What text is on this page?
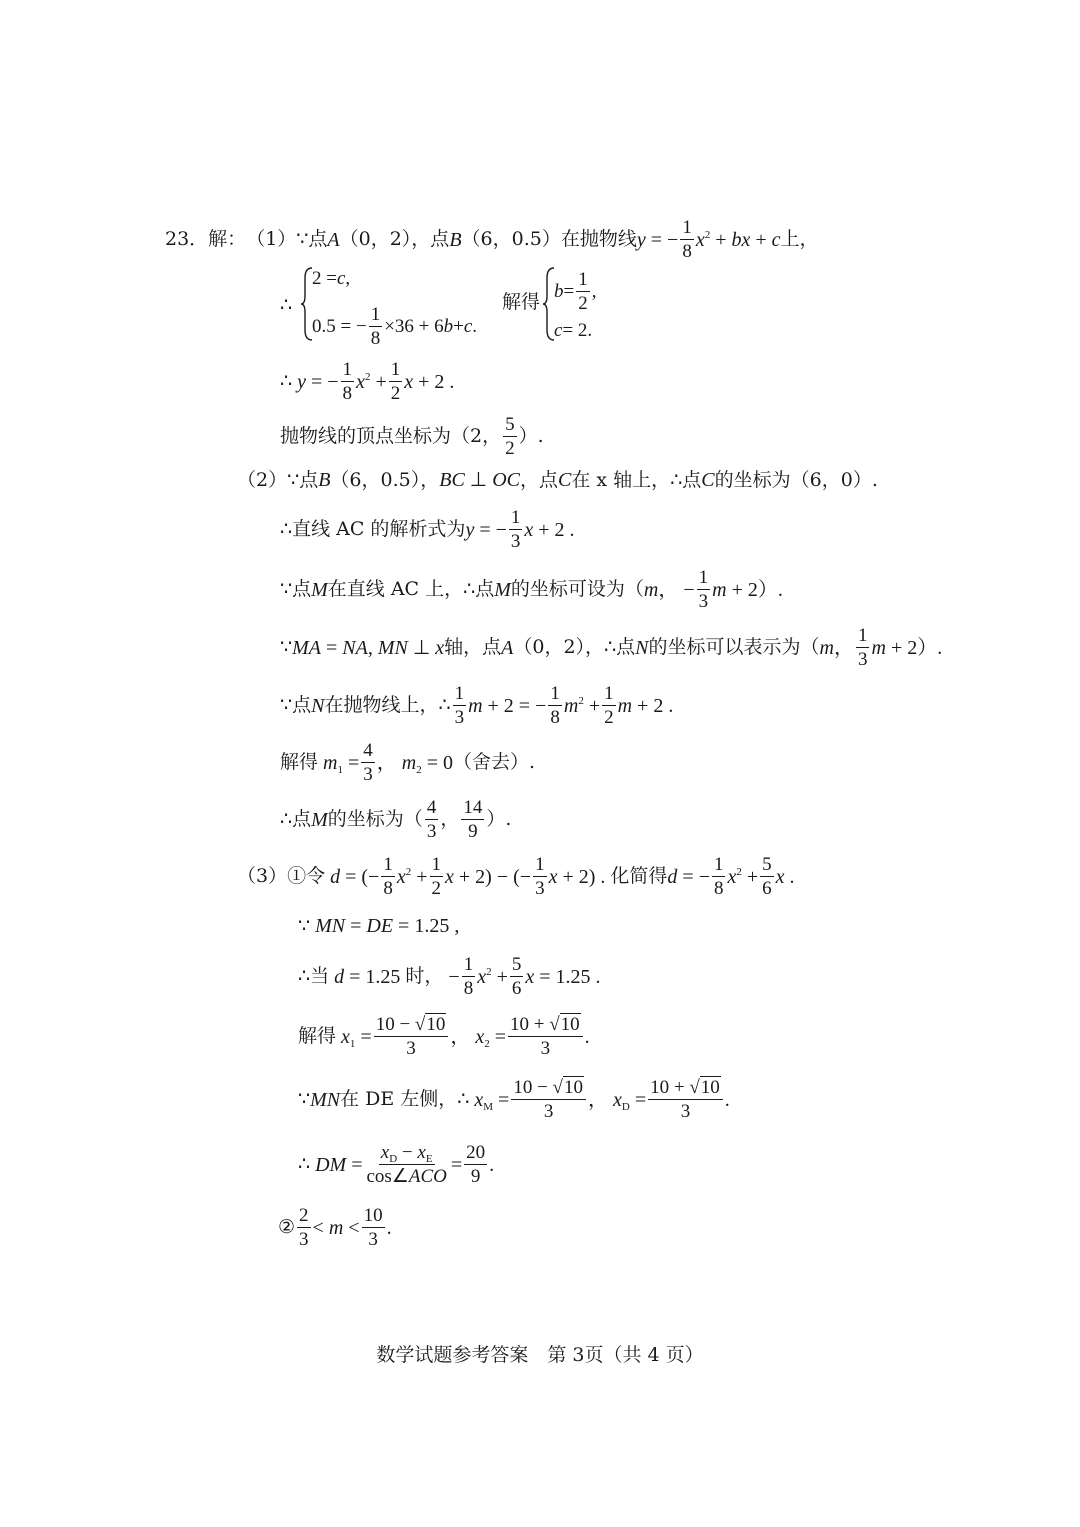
23．解： （1） ∵ 点 A （0，2）， 点 B （6，0.5） 在抛物线 y = − $\frac{1}{8} x^2$ + bx + c 上，
∴
2 = c ,
0.5 = − $\frac{1}{8} \times 36 + 6$ b + c .
解得 $b = \frac{1}{2}$ ,
c = 2.
∴ y = − $\frac{1}{8} x^2 + \frac{1}{2}$ x + 2 .
抛物线的顶点坐标为（2， $\frac{5}{2}$ ）.
（2） ∵ 点 B （6，0.5）， BC ⊥ OC ， 点 C 在 x 轴上， ∴ 点 C 的坐标为 （6，0）.
∴ 直线 AC 的解析式为 y = − $\frac{1}{3}$ x + 2 .
∵ 点 M 在直线 AC 上， ∴ 点 M 的坐标可设为（ m， − $\frac{1}{3}$ m + 2）.
∵ MA = NA, MN ⊥ x 轴，点 A （0，2）， ∴ 点 N 的坐标可以表示为（ m， $\frac{1}{3}$ m + 2）.
∵ 点 N 在抛物线上， ∴ $\frac{1}{3}$ m + 2 = − $\frac{1}{8} m^2 + \frac{1}{2}$ m + 2 .
解得 $m_1 = \frac{4}{3}$ ， $m_2 = 0$ （舍去）.
∴ 点 M 的坐标为 （ $\frac{4}{3}$ ， $\frac{14}{9}$ ）.
（3） ①令 d = (− $\frac{1}{8} x^2 + \frac{1}{2}$ x + 2) − (− $\frac{1}{3}$ x + 2) . 化简得 d = − $\frac{1}{8} x^2 + \frac{5}{6}$ x .
∵ MN = DE = 1.25 ,
∴ 当 d = 1.25 时， − $\frac{1}{8} x^2 + \frac{5}{6}$ x = 1.25 .
解得 $x_1 = \frac{10 - √10}{3}$ ， $x_2 = \frac{10 + √10}{3}$ .
∵ MN 在 DE 左侧， ∴ $x_M = \frac{10 - √10}{3}$ ， $x_D = \frac{10 + √10}{3}$ .
∴ DM = $\frac{x_D - x_E}{\text{cos∠ACO}} = \frac{20}{9}$ .
② $\frac{2}{3} < m < \frac{10}{3}$ .
数学试题参考答案　第 3页（共 4 页）
